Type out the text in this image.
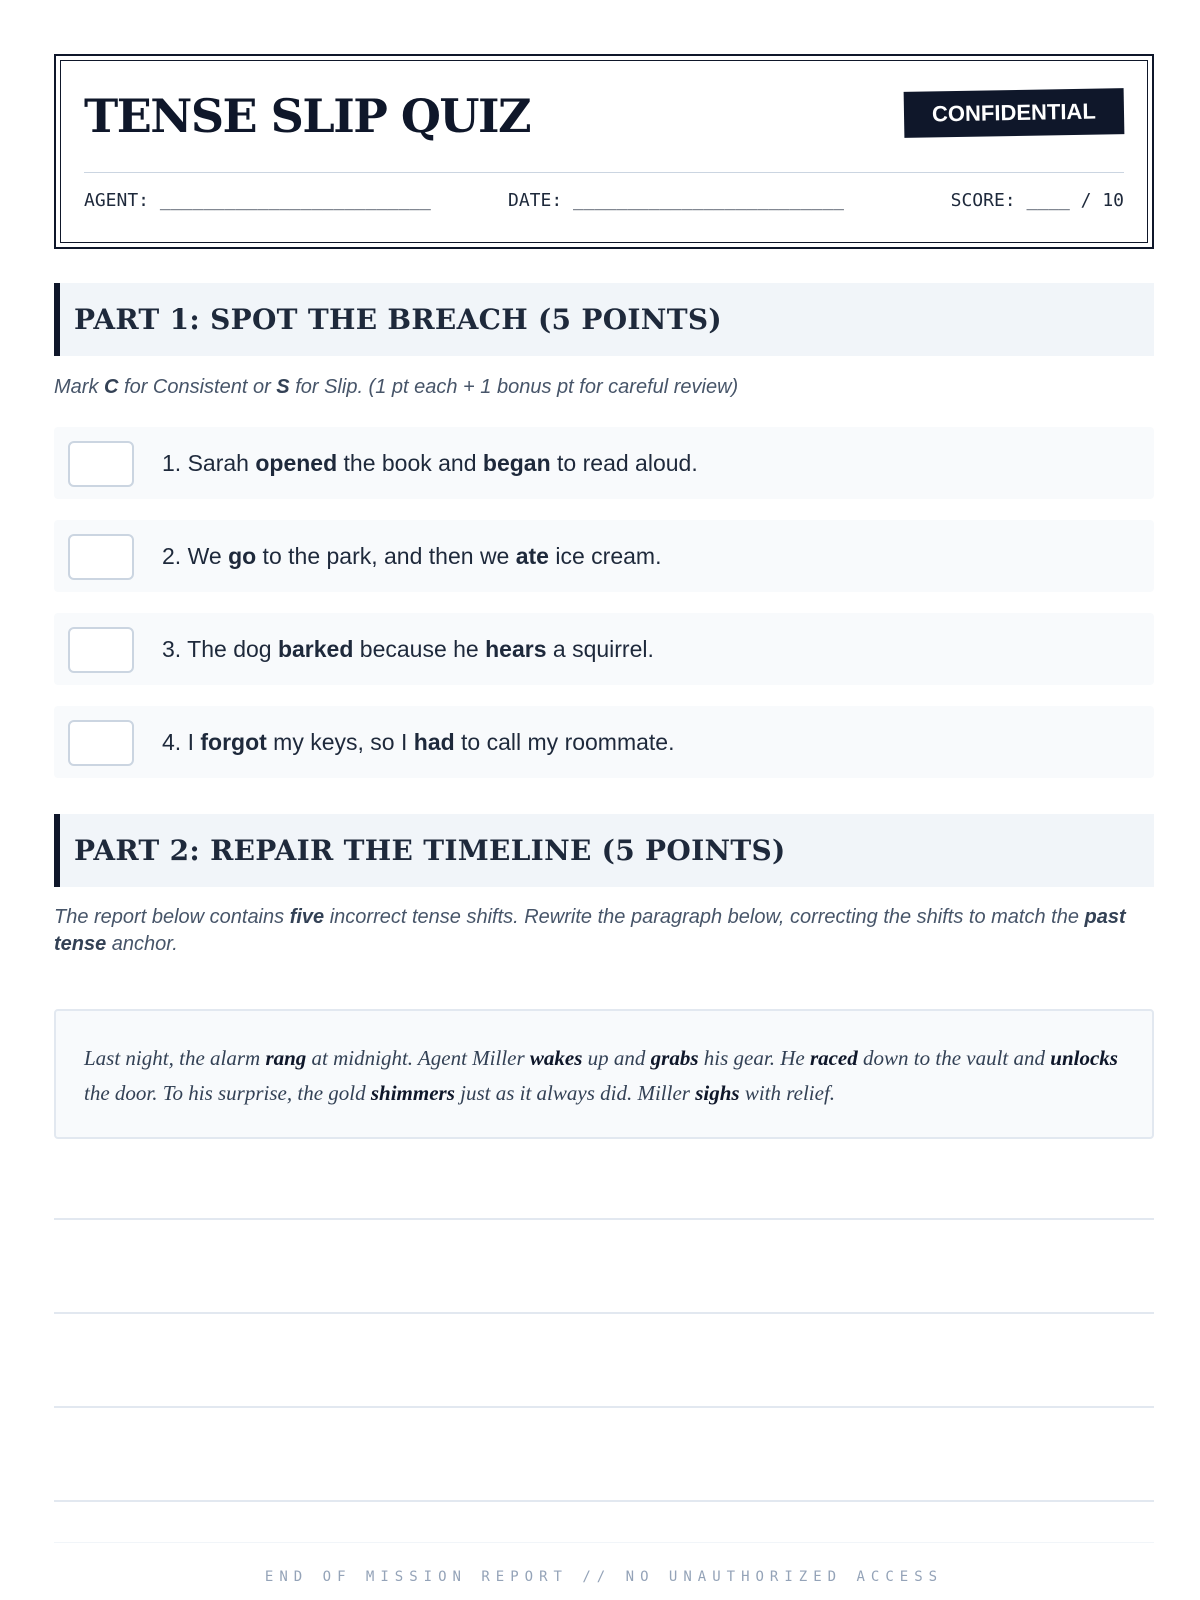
TENSE SLIP QUIZ	CONFIDENTIAL
AGENT: _________________________	DATE: _________________________	SCORE: ____ / 10
PART 1: SPOT THE BREACH (5 POINTS)
Mark C for Consistent or S for Slip. (1 pt each + 1 bonus pt for careful review)
1. Sarah opened the book and began to read aloud.
2. We go to the park, and then we ate ice cream.
3. The dog barked because he hears a squirrel.
4. I forgot my keys, so I had to call my roommate.
PART 2: REPAIR THE TIMELINE (5 POINTS)
The report below contains five incorrect tense shifts. Rewrite the paragraph below, correcting the shifts to match the past tense anchor.
Last night, the alarm rang at midnight. Agent Miller wakes up and grabs his gear. He raced down to the vault and unlocks the door. To his surprise, the gold shimmers just as it always did. Miller sighs with relief.
END OF MISSION REPORT // NO UNAUTHORIZED ACCESS
